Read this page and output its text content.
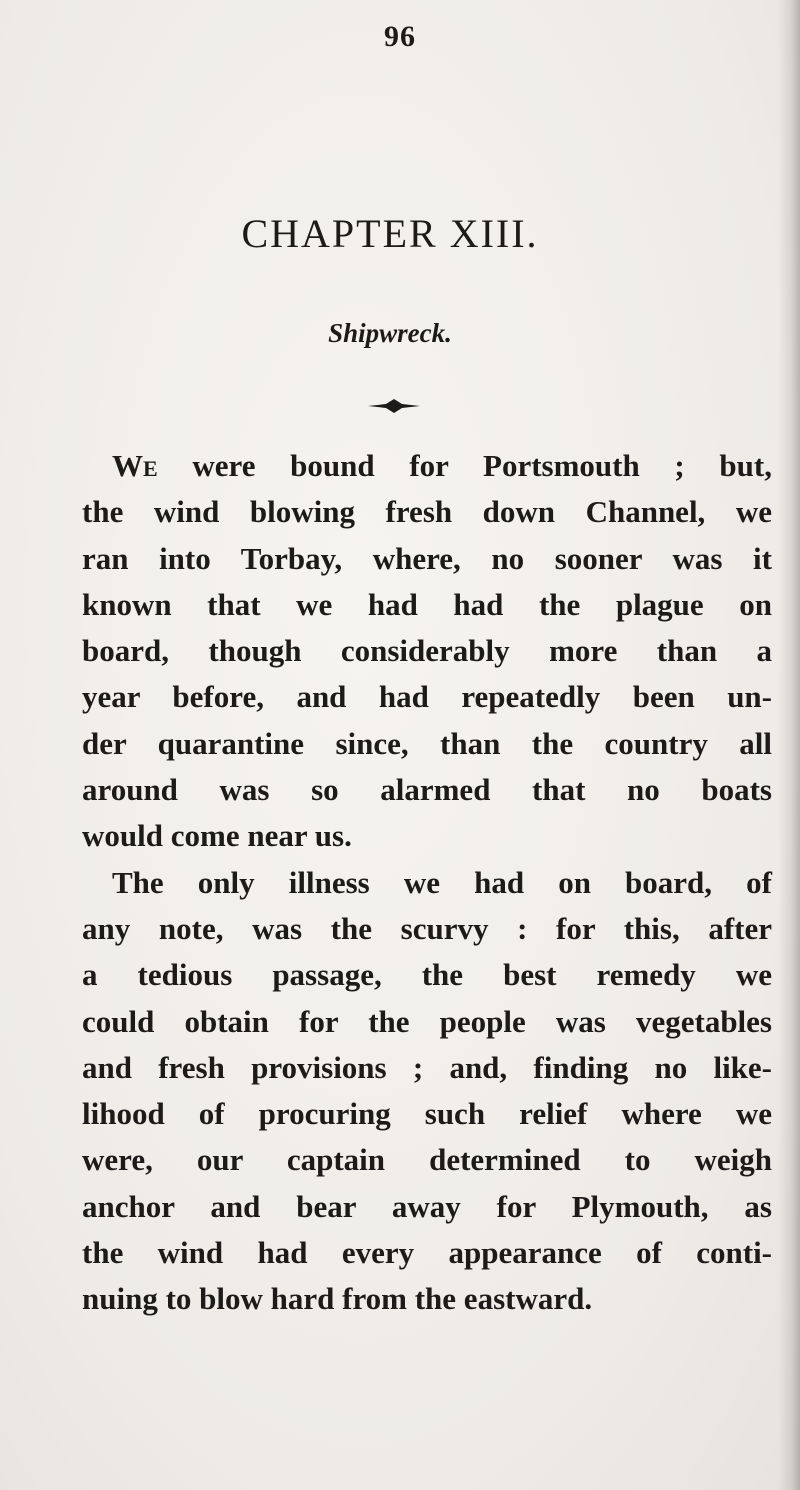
96
CHAPTER XIII.
Shipwreck.
We were bound for Portsmouth ; but,
the wind blowing fresh down Channel, we
ran into Torbay, where, no sooner was it
known that we had had the plague on
board, though considerably more than a
year before, and had repeatedly been un-
der quarantine since, than the country all
around was so alarmed that no boats
would come near us.
The only illness we had on board, of
any note, was the scurvy : for this, after
a tedious passage, the best remedy we
could obtain for the people was vegetables
and fresh provisions ; and, finding no like-
lihood of procuring such relief where we
were, our captain determined to weigh
anchor and bear away for Plymouth, as
the wind had every appearance of conti-
nuing to blow hard from the eastward.
